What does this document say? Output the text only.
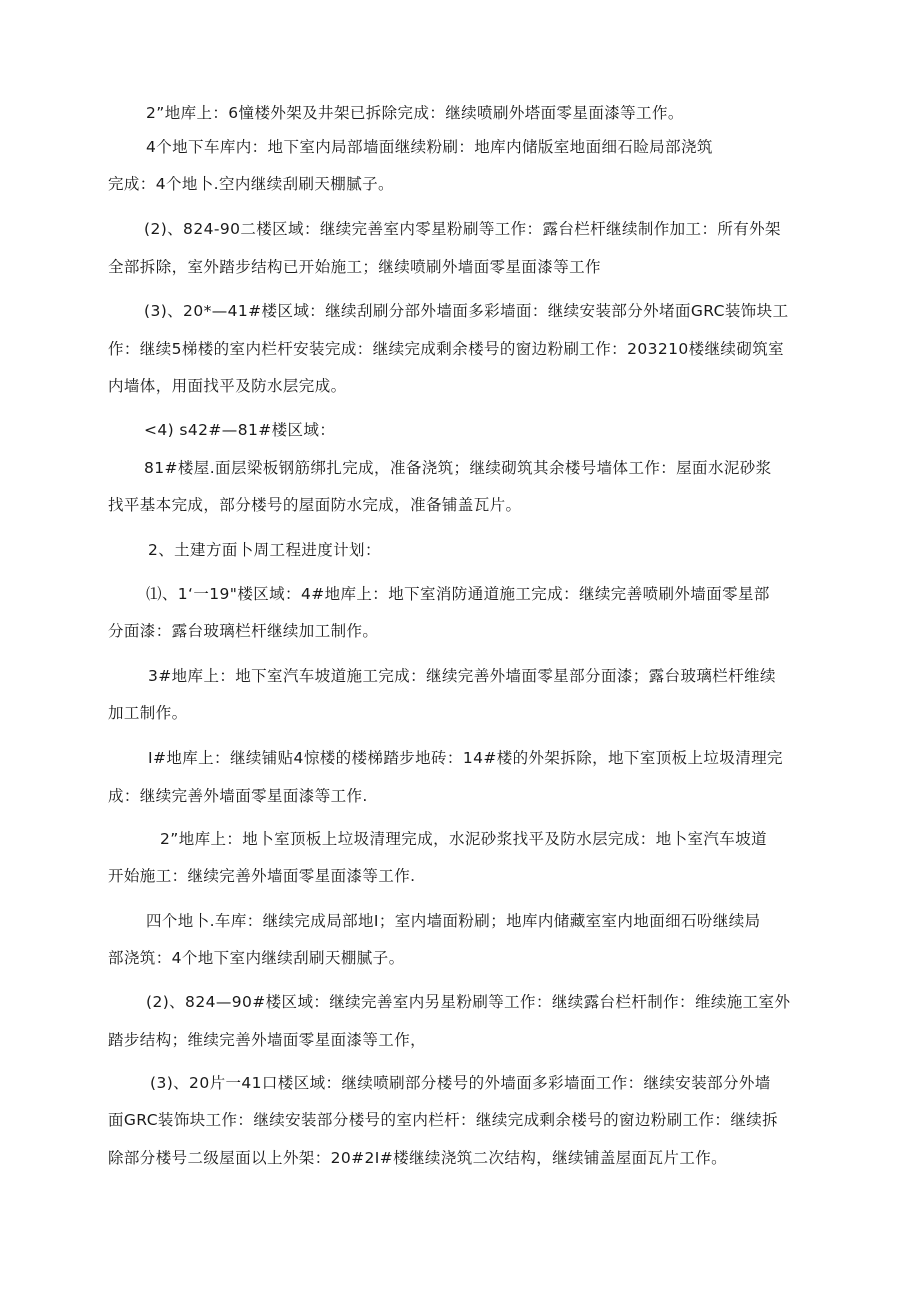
2”地库上：6憧楼外架及井架已拆除完成：继续喷刷外塔面零星面漆等工作。
4个地下车库内：地下室内局部墙面继续粉刷：地库内储版室地面细石睑局部浇筑
完成：4个地卜.空内继续刮刷天棚腻子。
(2)、824-90二楼区域：继续完善室内零星粉刷等工作：露台栏杆继续制作加工：所有外架
全部拆除，室外踏步结构已开始施工；继续喷刷外墙面零星面漆等工作
(3)、20*—41#楼区域：继续刮刷分部外墙面多彩墙面：继续安装部分外堵面GRC装饰块工
作：继续5梯楼的室内栏杆安装完成：继续完成剩余楼号的窗边粉刷工作：203210楼继续砌筑室
内墙体，用面找平及防水层完成。
<4) s42#—81#楼区域：
81#楼屋.面层梁板钢筋绑扎完成，准备浇筑；继续砌筑其余楼号墙体工作：屋面水泥砂浆
找平基本完成，部分楼号的屋面防水完成，准备铺盖瓦片。
2、土建方面卜周工程进度计划：
⑴、1‘一19"楼区域：4#地库上：地下室消防通道施工完成：继续完善喷刷外墙面零星部
分面漆：露台玻璃栏杆继续加工制作。
3#地库上：地下室汽车坡道施工完成：继续完善外墙面零星部分面漆；露台玻璃栏杆维续
加工制作。
I#地库上：继续铺贴4惊楼的楼梯踏步地砖：14#楼的外架拆除，地下室顶板上垃圾清理完
成：继续完善外墙面零星面漆等工作.
2”地库上：地卜室顶板上垃圾清理完成，水泥砂浆找平及防水层完成：地卜室汽车坡道
开始施工：继续完善外墙面零星面漆等工作.
四个地卜.车库：继续完成局部地I；室内墙面粉刷；地库内储藏室室内地面细石吩继续局
部浇筑：4个地下室内继续刮刷天棚腻子。
(2)、824—90#楼区域：继续完善室内另星粉刷等工作：继续露台栏杆制作：维续施工室外
踏步结构；维续完善外墙面零星面漆等工作，
(3)、20片一41口楼区域：继续喷刷部分楼号的外墙面多彩墙面工作：继续安装部分外墙
面GRC装饰块工作：继续安装部分楼号的室内栏杆：继续完成剩余楼号的窗边粉刷工作：继续拆
除部分楼号二级屋面以上外架：20#2I#楼继续浇筑二次结构，继续铺盖屋面瓦片工作。
